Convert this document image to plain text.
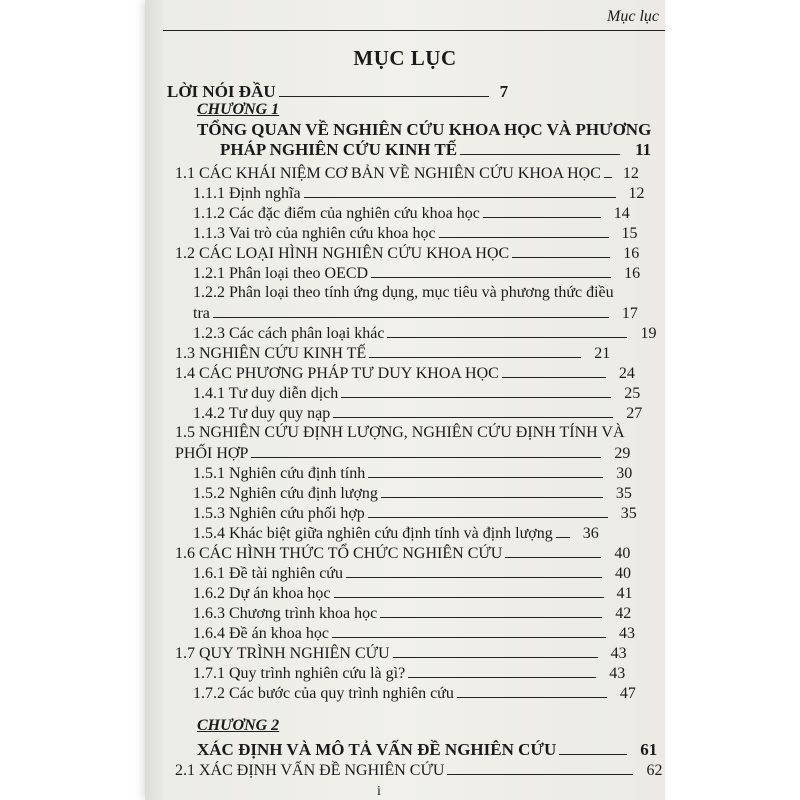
Mục lục
MỤC LỤC
LỜI NÓI ĐẦU	7
CHƯƠNG 1
TỔNG QUAN VỀ NGHIÊN CỨU KHOA HỌC VÀ PHƯƠNG
PHÁP NGHIÊN CỨU KINH TẾ	11
1.1 CÁC KHÁI NIỆM CƠ BẢN VỀ NGHIÊN CỨU KHOA HỌC 12
1.1.1 Định nghĩa	12
1.1.2 Các đặc điểm của nghiên cứu khoa học	14
1.1.3 Vai trò của nghiên cứu khoa học	15
1.2 CÁC LOẠI HÌNH NGHIÊN CỨU KHOA HỌC	16
1.2.1 Phân loại theo OECD	16
1.2.2 Phân loại theo tính ứng dụng, mục tiêu và phương thức điều
tra	17
1.2.3 Các cách phân loại khác	19
1.3 NGHIÊN CỨU KINH TẾ	21
1.4 CÁC PHƯƠNG PHÁP TƯ DUY KHOA HỌC	24
1.4.1 Tư duy diễn dịch	25
1.4.2 Tư duy quy nạp	27
1.5 NGHIÊN CỨU ĐỊNH LƯỢNG, NGHIÊN CỨU ĐỊNH TÍNH VÀ
PHỐI HỢP	29
1.5.1 Nghiên cứu định tính	30
1.5.2 Nghiên cứu định lượng	35
1.5.3 Nghiên cứu phối hợp	35
1.5.4 Khác biệt giữa nghiên cứu định tính và định lượng 36
1.6 CÁC HÌNH THỨC TỔ CHỨC NGHIÊN CỨU	40
1.6.1 Đề tài nghiên cứu	40
1.6.2 Dự án khoa học	41
1.6.3 Chương trình khoa học	42
1.6.4 Đề án khoa học	43
1.7 QUY TRÌNH NGHIÊN CỨU	43
1.7.1 Quy trình nghiên cứu là gì?	43
1.7.2 Các bước của quy trình nghiên cứu	47
CHƯƠNG 2
XÁC ĐỊNH VÀ MÔ TẢ VẤN ĐỀ NGHIÊN CỨU	61
2.1 XÁC ĐỊNH VẤN ĐỀ NGHIÊN CỨU	62
i
